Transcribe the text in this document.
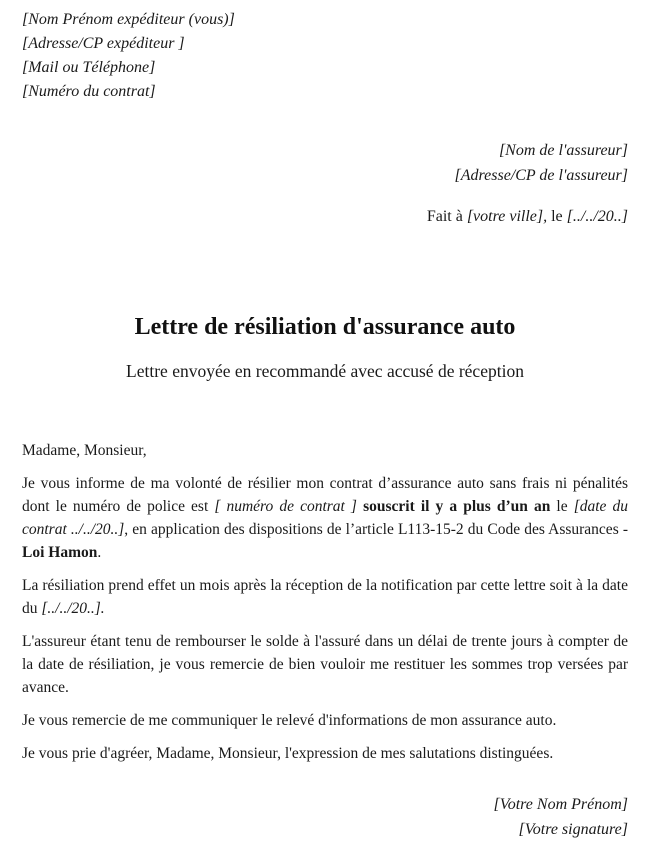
[Nom Prénom expéditeur (vous)]
[Adresse/CP expéditeur ]
[Mail ou Téléphone]
[Numéro du contrat]
[Nom de l'assureur]
[Adresse/CP de l'assureur]
Fait à [votre ville], le [../../20..]
Lettre de résiliation d'assurance auto
Lettre envoyée en recommandé avec accusé de réception

Madame, Monsieur,

Je vous informe de ma volonté de résilier mon contrat d’assurance auto sans frais ni pénalités dont le numéro de police est [ numéro de contrat ] souscrit il y a plus d’un an le [date du contrat ../../20..], en application des dispositions de l’article L113-15-2 du Code des Assurances - Loi Hamon.

La résiliation prend effet un mois après la réception de la notification par cette lettre soit à la date du [../../20..].

L'assureur étant tenu de rembourser le solde à l'assuré dans un délai de trente jours à compter de la date de résiliation, je vous remercie de bien vouloir me restituer les sommes trop versées par avance.

Je vous remercie de me communiquer le relevé d'informations de mon assurance auto.

Je vous prie d'agréer, Madame, Monsieur, l'expression de mes salutations distinguées.

[Votre Nom Prénom]
[Votre signature]
